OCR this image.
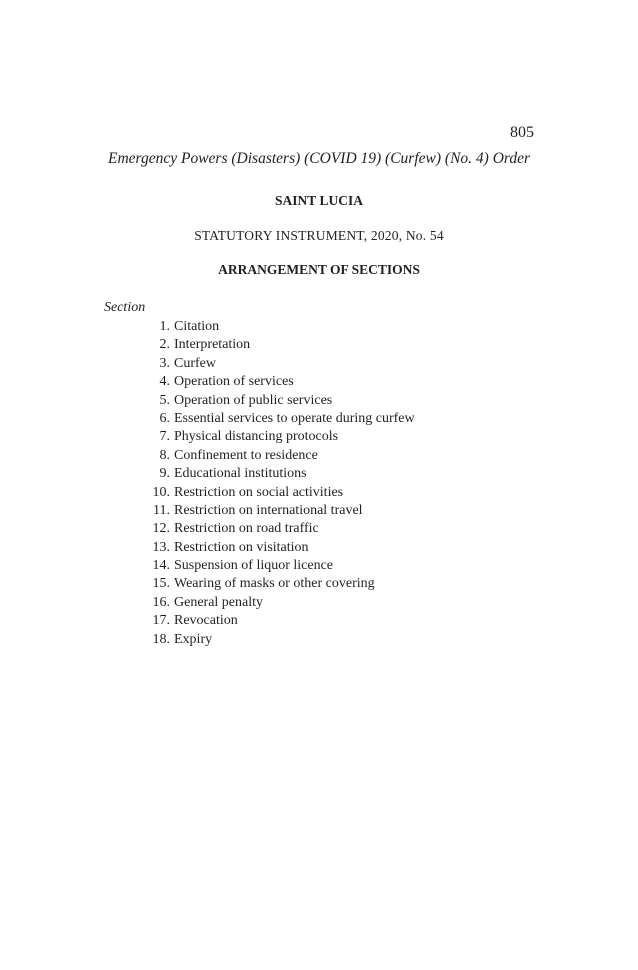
805
Emergency Powers (Disasters) (COVID 19) (Curfew) (No. 4) Order
SAINT LUCIA
STATUTORY INSTRUMENT, 2020, No. 54
ARRANGEMENT OF SECTIONS
Section
1. Citation
2. Interpretation
3. Curfew
4. Operation of services
5. Operation of public services
6. Essential services to operate during curfew
7. Physical distancing protocols
8. Confinement to residence
9. Educational institutions
10. Restriction on social activities
11. Restriction on international travel
12. Restriction on road traffic
13. Restriction on visitation
14. Suspension of liquor licence
15. Wearing of masks or other covering
16. General penalty
17. Revocation
18. Expiry
